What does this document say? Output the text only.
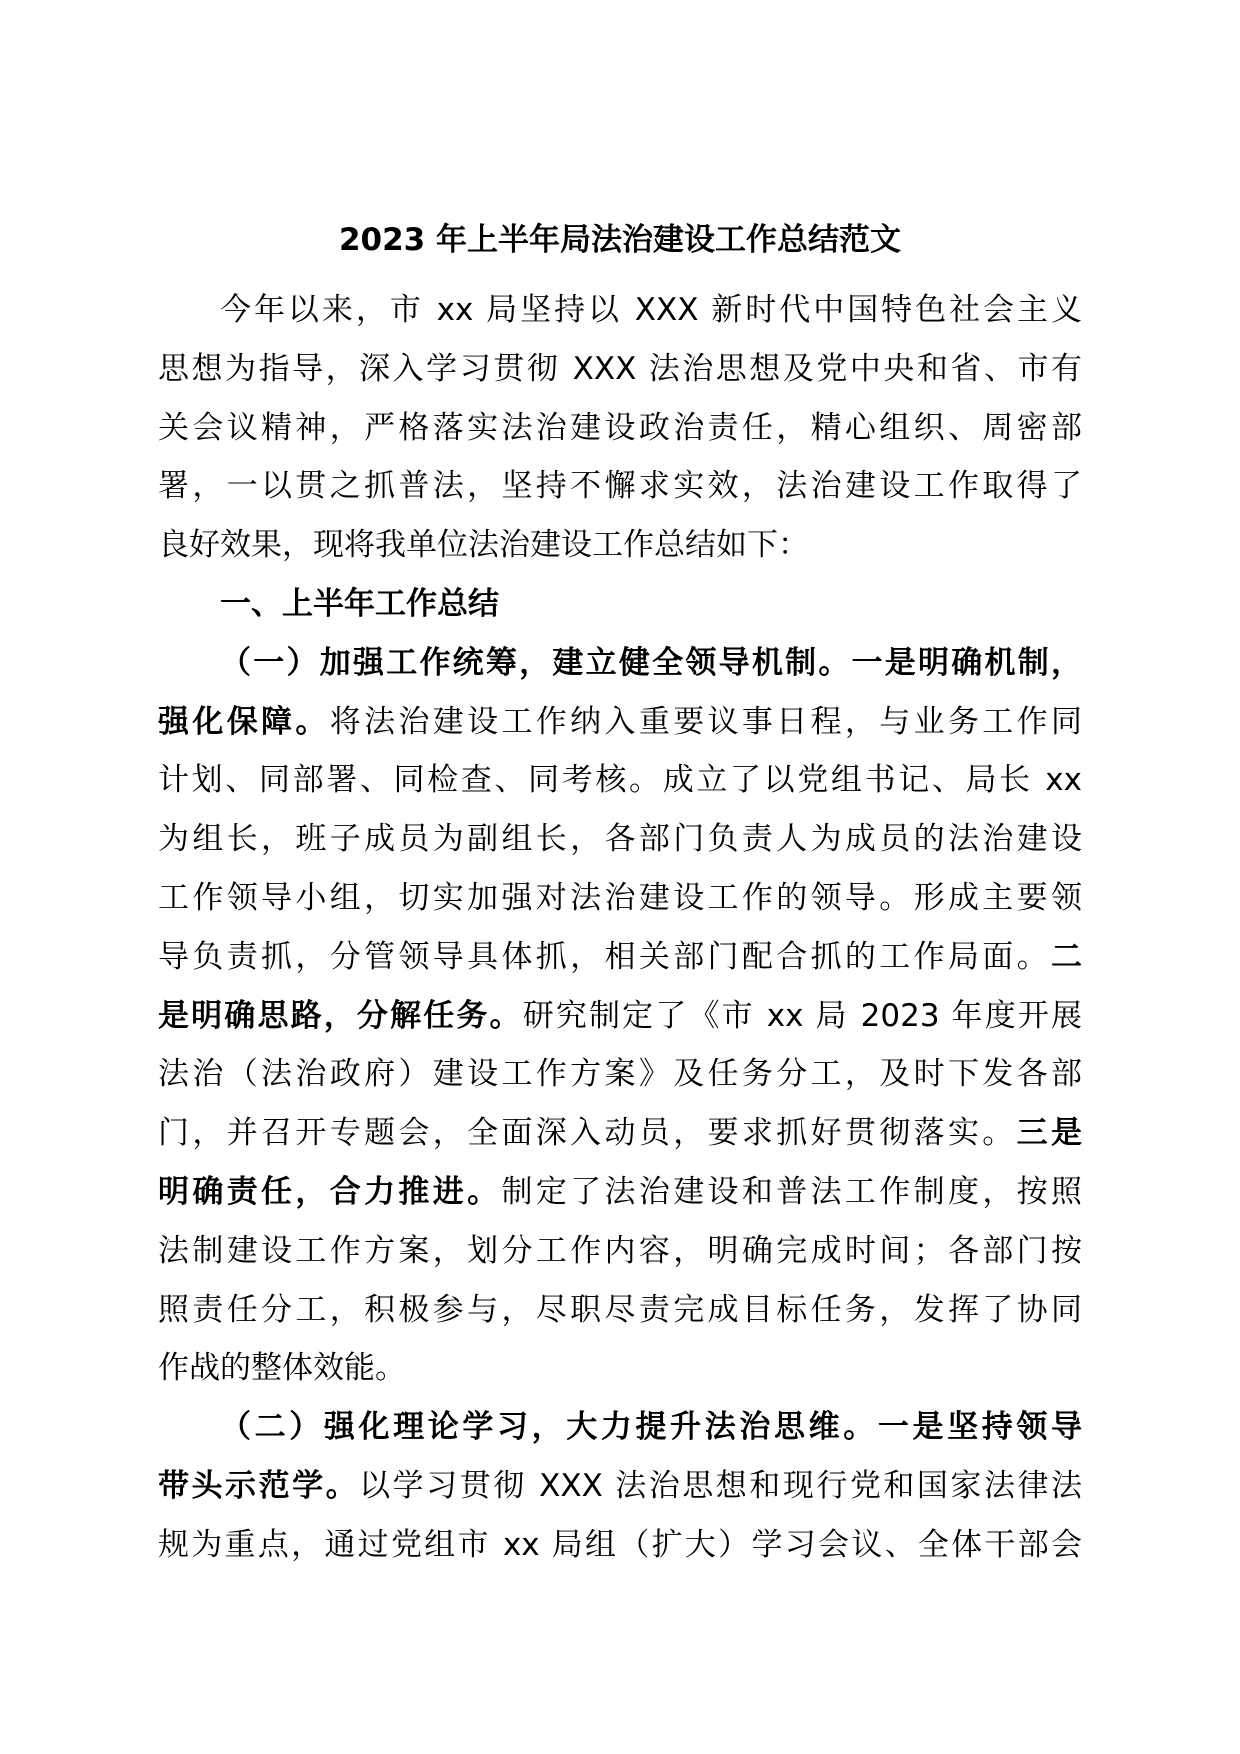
2023 年上半年局法治建设工作总结范文
今年以来，市 xx 局坚持以 XXX 新时代中国特色社会主义
思想为指导，深入学习贯彻 XXX 法治思想及党中央和省、市有
关会议精神，严格落实法治建设政治责任，精心组织、周密部
署，一以贯之抓普法，坚持不懈求实效，法治建设工作取得了
良好效果，现将我单位法治建设工作总结如下：
一、上半年工作总结
（一）加强工作统筹，建立健全领导机制。一是明确机制，
强化保障。将法治建设工作纳入重要议事日程，与业务工作同
计划、同部署、同检查、同考核。成立了以党组书记、局长 xx
为组长，班子成员为副组长，各部门负责人为成员的法治建设
工作领导小组，切实加强对法治建设工作的领导。形成主要领
导负责抓，分管领导具体抓，相关部门配合抓的工作局面。二
是明确思路，分解任务。研究制定了《市 xx 局 2023 年度开展
法治（法治政府）建设工作方案》及任务分工，及时下发各部
门，并召开专题会，全面深入动员，要求抓好贯彻落实。三是
明确责任，合力推进。制定了法治建设和普法工作制度，按照
法制建设工作方案，划分工作内容，明确完成时间；各部门按
照责任分工，积极参与，尽职尽责完成目标任务，发挥了协同
作战的整体效能。
（二）强化理论学习，大力提升法治思维。一是坚持领导
带头示范学。以学习贯彻 XXX 法治思想和现行党和国家法律法
规为重点，通过党组市 xx 局组（扩大）学习会议、全体干部会
